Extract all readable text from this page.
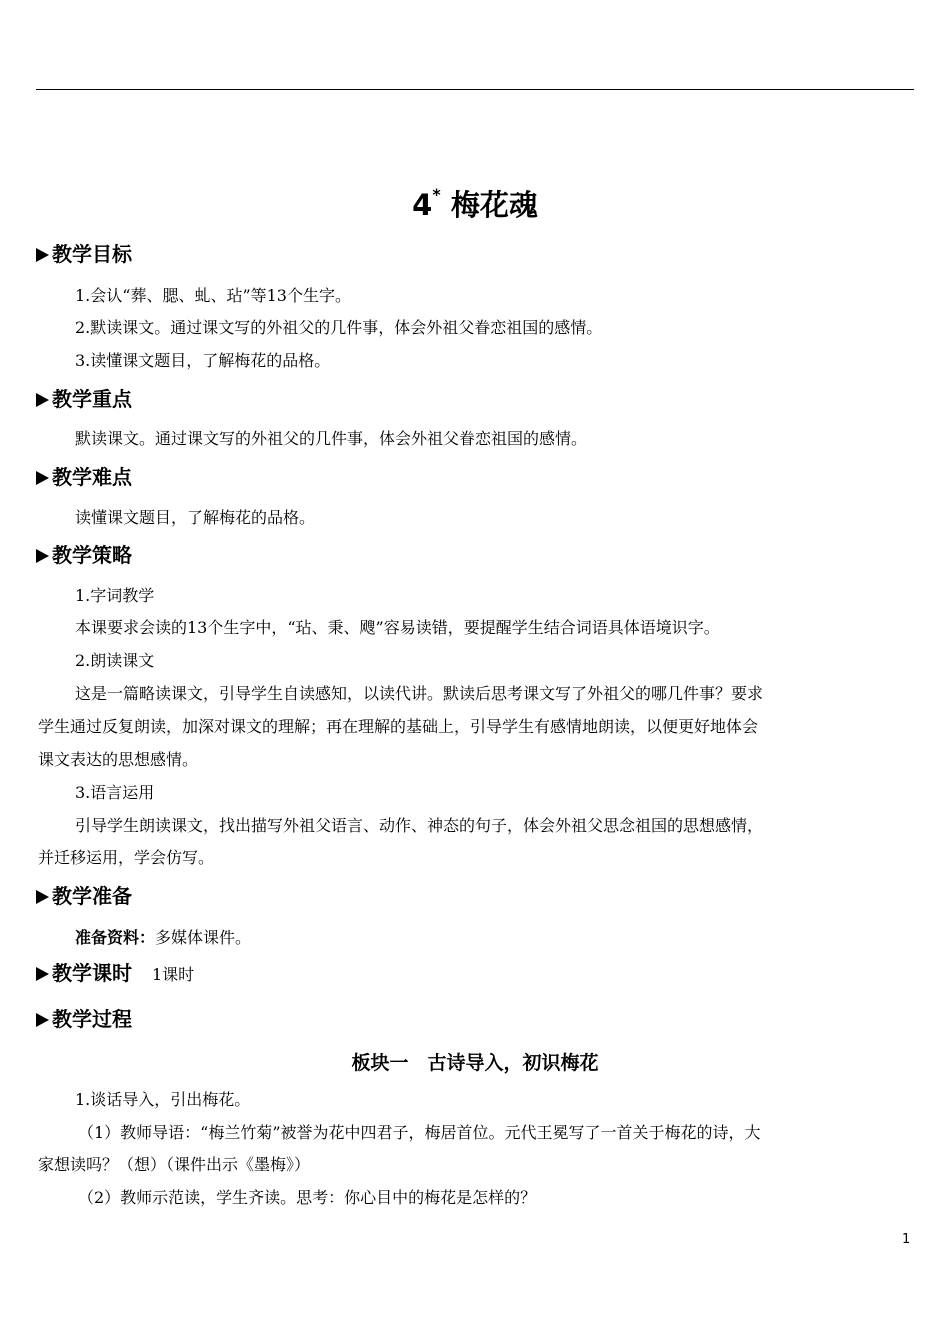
4* 梅花魂
教学目标
1.会认“葬、腮、虬、玷”等13个生字。
2.默读课文。通过课文写的外祖父的几件事，体会外祖父眷恋祖国的感情。
3.读懂课文题目，了解梅花的品格。
教学重点
默读课文。通过课文写的外祖父的几件事，体会外祖父眷恋祖国的感情。
教学难点
读懂课文题目，了解梅花的品格。
教学策略
1.字词教学
本课要求会读的13个生字中，“玷、秉、飕”容易读错，要提醒学生结合词语具体语境识字。
2.朗读课文
这是一篇略读课文，引导学生自读感知，以读代讲。默读后思考课文写了外祖父的哪几件事？要求
学生通过反复朗读，加深对课文的理解；再在理解的基础上，引导学生有感情地朗读，以便更好地体会
课文表达的思想感情。
3.语言运用
引导学生朗读课文，找出描写外祖父语言、动作、神态的句子，体会外祖父思念祖国的思想感情，
并迁移运用，学会仿写。
教学准备
准备资料：多媒体课件。
教学课时 1课时
教学过程
板块一　古诗导入，初识梅花
1.谈话导入，引出梅花。
（1）教师导语：“梅兰竹菊”被誉为花中四君子，梅居首位。元代王冕写了一首关于梅花的诗，大
家想读吗？（想）（课件出示《墨梅》）
（2）教师示范读，学生齐读。思考：你心目中的梅花是怎样的？
1
